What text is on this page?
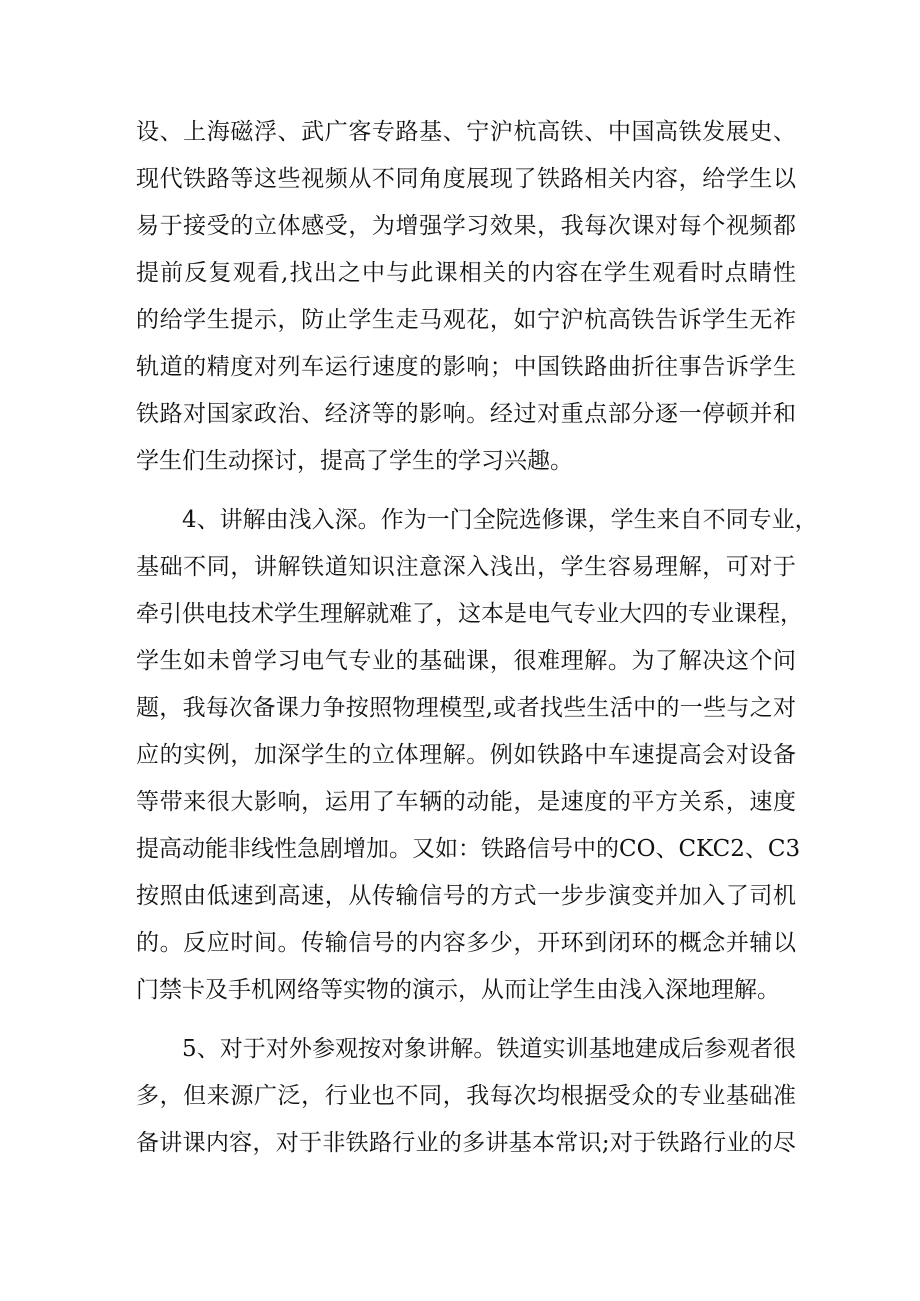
设、上海磁浮、武广客专路基、宁沪杭高铁、中国高铁发展史、
现代铁路等这些视频从不同角度展现了铁路相关内容，给学生以
易于接受的立体感受，为增强学习效果，我每次课对每个视频都
提前反复观看,找出之中与此课相关的内容在学生观看时点睛性
的给学生提示，防止学生走马观花，如宁沪杭高铁告诉学生无祚
轨道的精度对列车运行速度的影响；中国铁路曲折往事告诉学生
铁路对国家政治、经济等的影响。经过对重点部分逐一停顿并和
学生们生动探讨，提高了学生的学习兴趣。
4、讲解由浅入深。作为一门全院选修课，学生来自不同专业，
基础不同，讲解铁道知识注意深入浅出，学生容易理解，可对于
牵引供电技术学生理解就难了，这本是电气专业大四的专业课程，
学生如未曾学习电气专业的基础课，很难理解。为了解决这个问
题，我每次备课力争按照物理模型,或者找些生活中的一些与之对
应的实例，加深学生的立体理解。例如铁路中车速提高会对设备
等带来很大影响，运用了车辆的动能，是速度的平方关系，速度
提高动能非线性急剧增加。又如：铁路信号中的CO、CKC2、C3
按照由低速到高速，从传输信号的方式一步步演变并加入了司机
的。反应时间。传输信号的内容多少，开环到闭环的概念并辅以
门禁卡及手机网络等实物的演示，从而让学生由浅入深地理解。
5、对于对外参观按对象讲解。铁道实训基地建成后参观者很
多，但来源广泛，行业也不同，我每次均根据受众的专业基础准
备讲课内容，对于非铁路行业的多讲基本常识;对于铁路行业的尽
